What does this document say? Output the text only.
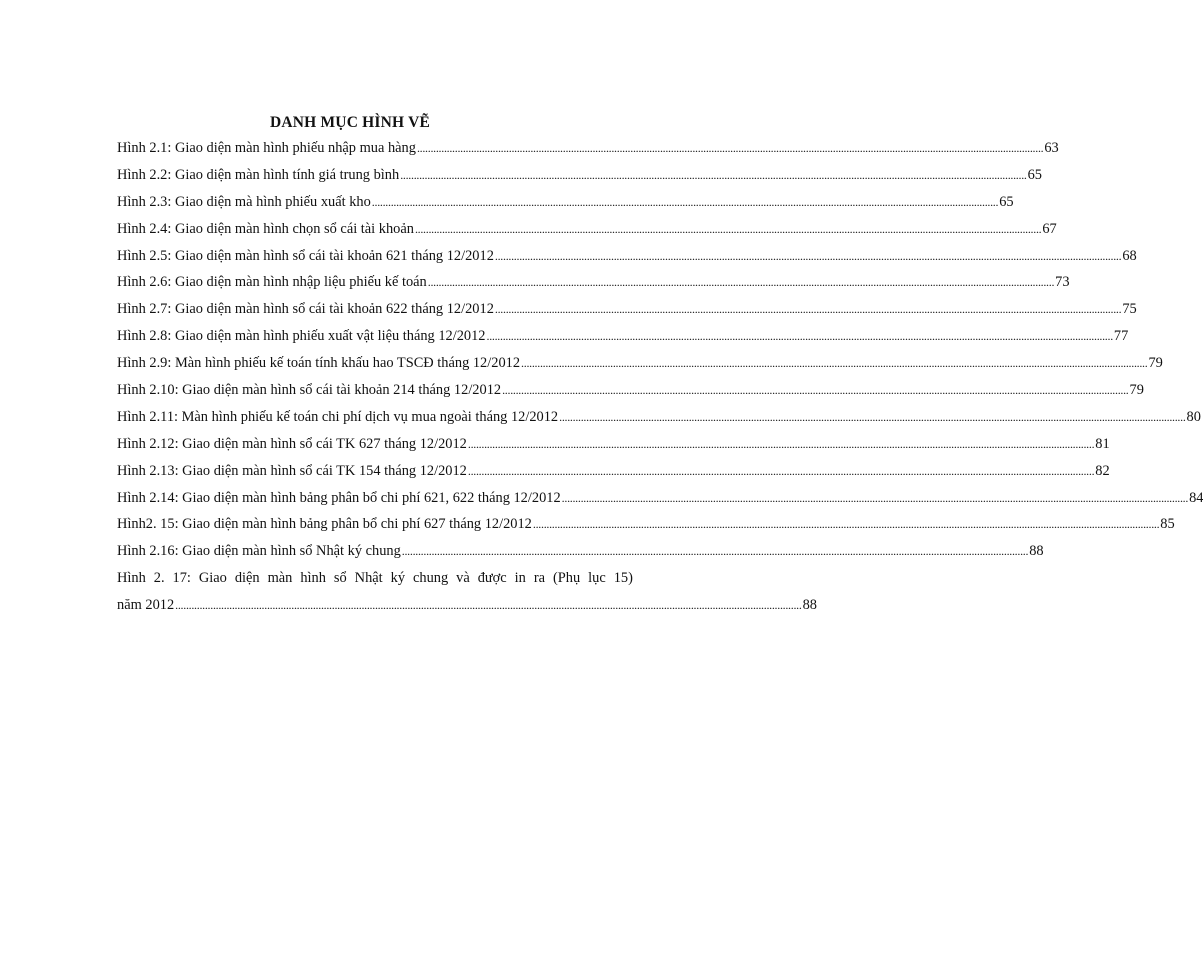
DANH MỤC HÌNH VẼ
Hình 2.1: Giao diện màn hình phiếu nhập mua hàng .....	63
Hình 2.2: Giao diện màn hình tính giá trung bình .....	65
Hình 2.3: Giao diện mà hình phiếu xuất kho .....	65
Hình 2.4: Giao diện màn hình chọn sổ cái tài khoản .....	67
Hình 2.5: Giao diện màn hình sổ cái tài khoản 621 tháng 12/2012 .....	68
Hình 2.6: Giao diện màn hình nhập liệu phiếu kế toán .....	73
Hình 2.7: Giao diện màn hình sổ cái tài khoản 622 tháng 12/2012 .....	75
Hình 2.8: Giao diện màn hình phiếu xuất vật liệu tháng 12/2012 .....	77
Hình 2.9: Màn hình phiếu kế toán tính khấu hao TSCĐ tháng 12/2012 .....	79
Hình 2.10: Giao diện màn hình sổ cái tài khoản 214 tháng 12/2012 .....	79
Hình 2.11: Màn hình phiếu kế toán chi phí dịch vụ mua ngoài tháng 12/2012 .....	80
Hình 2.12: Giao diện màn hình sổ cái TK 627 tháng 12/2012 .....	81
Hình 2.13: Giao diện màn hình sổ cái TK 154 tháng 12/2012 .....	82
Hình 2.14: Giao diện màn hình bảng phân bổ chi phí 621, 622 tháng 12/2012 .....	84
Hình2. 15: Giao diện màn hình bảng phân bổ chi phí 627 tháng 12/2012 .....	85
Hình 2.16: Giao diện màn hình sổ Nhật ký chung .....	88
Hình 2. 17: Giao diện màn hình sổ Nhật ký chung và được in ra (Phụ lục 15)
năm 2012 .....	88
